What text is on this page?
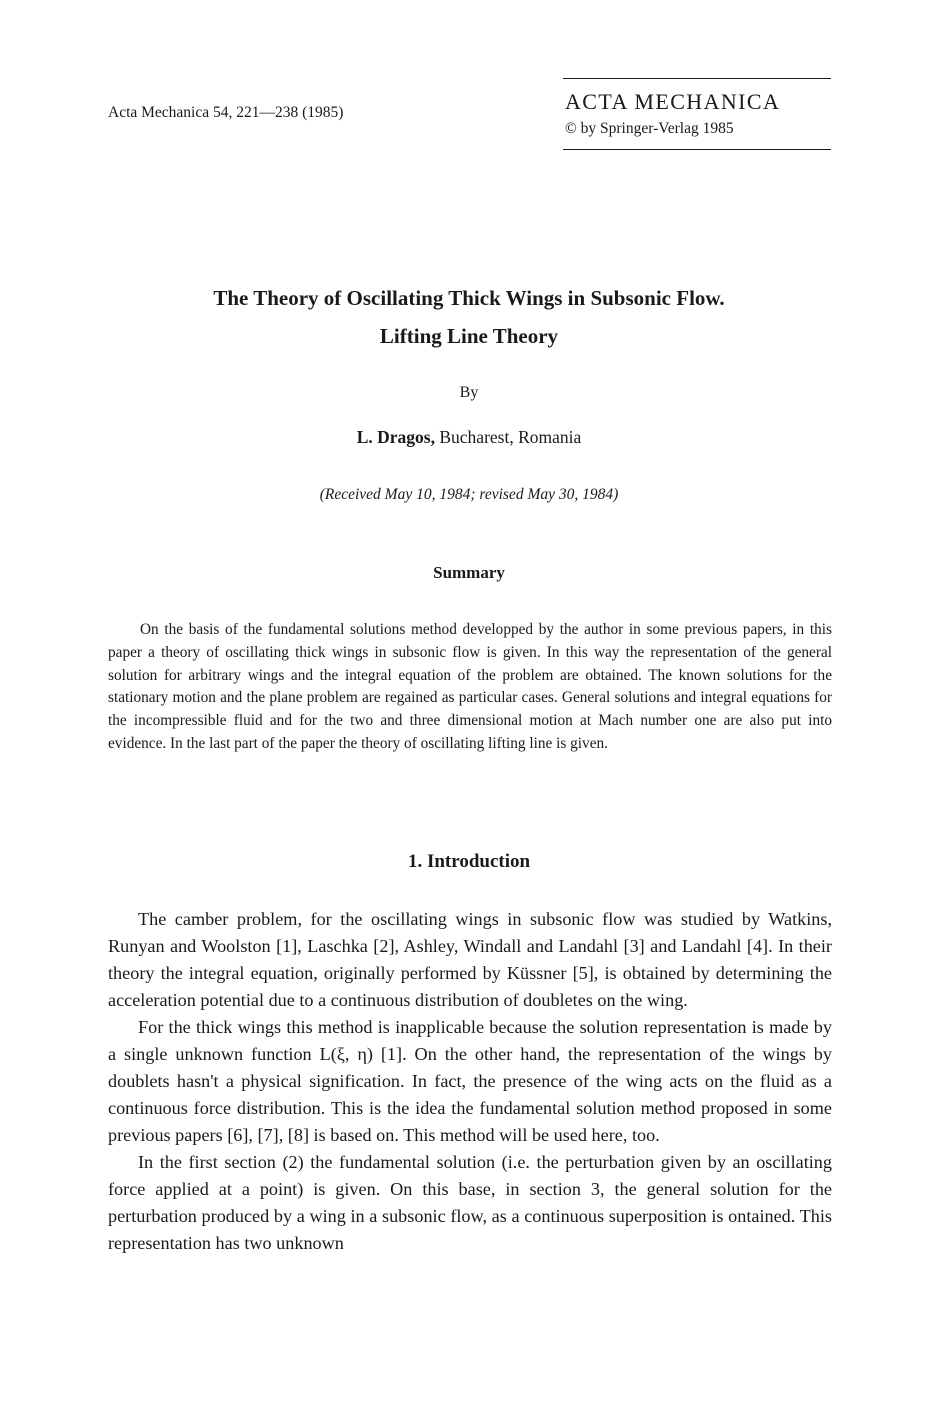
Acta Mechanica 54, 221—238 (1985)	ACTA MECHANICA
© by Springer-Verlag 1985
The Theory of Oscillating Thick Wings in Subsonic Flow.
Lifting Line Theory
By
L. Dragos, Bucharest, Romania
(Received May 10, 1984; revised May 30, 1984)
Summary

On the basis of the fundamental solutions method developped by the author in some previous papers, in this paper a theory of oscillating thick wings in subsonic flow is given. In this way the representation of the general solution for arbitrary wings and the integral equation of the problem are obtained. The known solutions for the stationary motion and the plane problem are regained as particular cases. General solutions and integral equations for the incompressible fluid and for the two and three dimensional motion at Mach number one are also put into evidence. In the last part of the paper the theory of oscillating lifting line is given.

1. Introduction

The camber problem, for the oscillating wings in subsonic flow was studied by Watkins, Runyan and Woolston [1], Laschka [2], Ashley, Windall and Landahl [3] and Landahl [4]. In their theory the integral equation, originally performed by Küssner [5], is obtained by determining the acceleration potential due to a continuous distribution of doubletes on the wing.

For the thick wings this method is inapplicable because the solution representation is made by a single unknown function L(ξ, η) [1]. On the other hand, the representation of the wings by doublets hasn't a physical signification. In fact, the presence of the wing acts on the fluid as a continuous force distribution. This is the idea the fundamental solution method proposed in some previous papers [6], [7], [8] is based on. This method will be used here, too.

In the first section (2) the fundamental solution (i.e. the perturbation given by an oscillating force applied at a point) is given. On this base, in section 3, the general solution for the perturbation produced by a wing in a subsonic flow, as a continuous superposition is ontained. This representation has two unknown
